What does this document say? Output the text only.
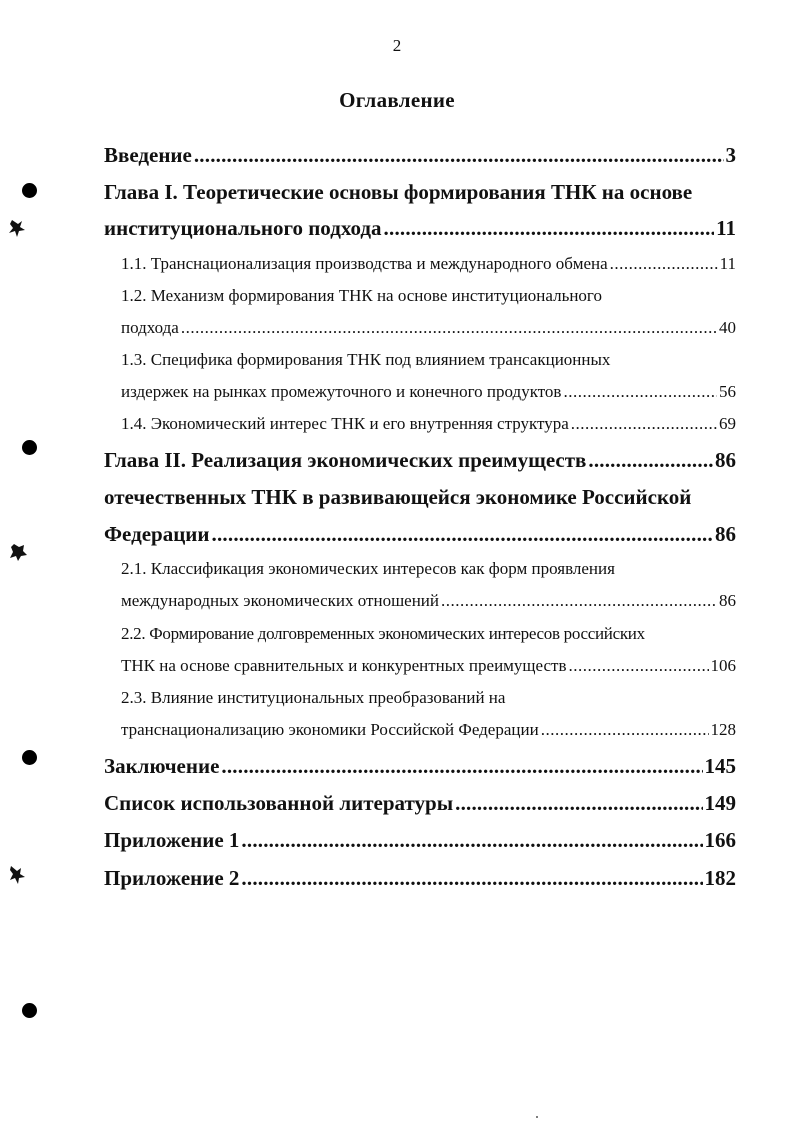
2
Оглавление
Введение .....	3
Глава I. Теоретические основы формирования ТНК на основе
институционального подхода .....	11
1.1. Транснационализация производства и международного обмена .....	11
1.2. Механизм формирования ТНК на основе институционального
подхода .....	40
1.3. Специфика формирования ТНК под влиянием трансакционных
издержек на рынках промежуточного и конечного продуктов .....	56
1.4. Экономический интерес ТНК и его внутренняя структура .....	69
Глава II. Реализация экономических преимуществ .....	86
отечественных ТНК в развивающейся экономике Российской
Федерации .....	86
2.1. Классификация экономических интересов как форм проявления
международных экономических отношений .....	86
2.2. Формирование долговременных экономических интересов российских
ТНК на основе сравнительных и конкурентных преимуществ .....	106
2.3. Влияние институциональных преобразований на
транснационализацию экономики Российской Федерации .....	128
Заключение .....	145
Список использованной литературы .....	149
Приложение 1 .....	166
Приложение 2 .....	182
